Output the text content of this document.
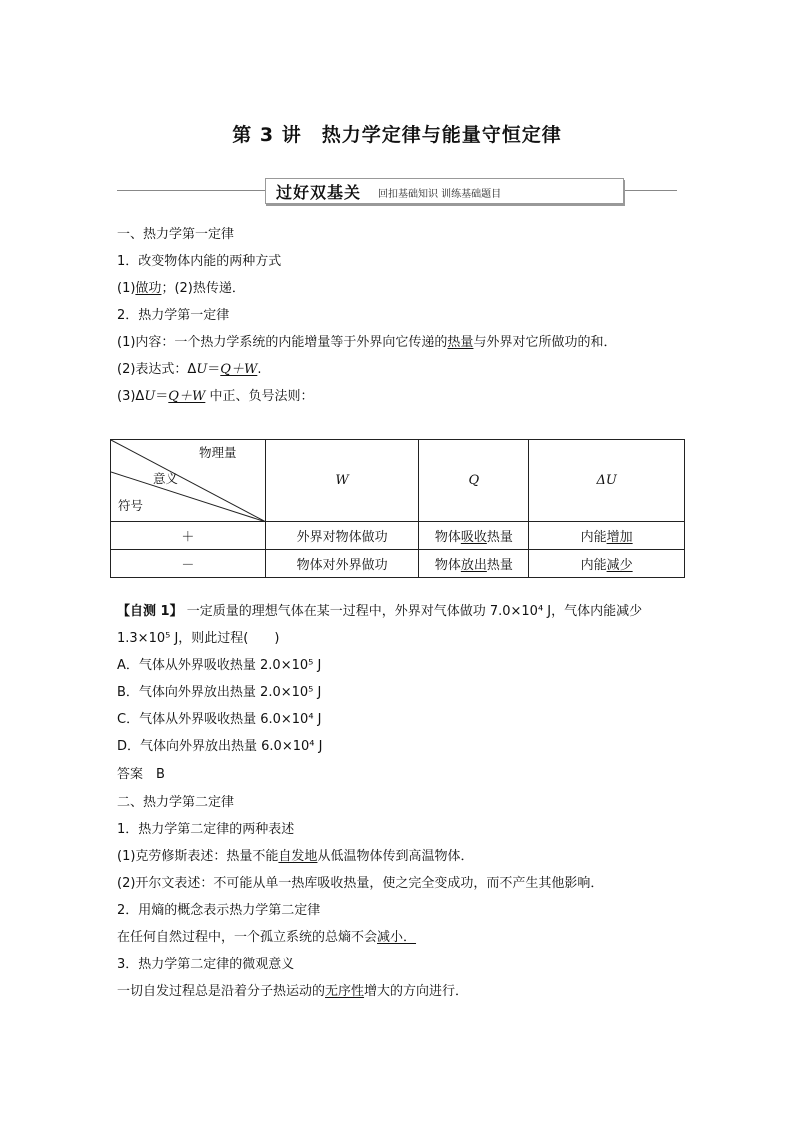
第 3 讲　热力学定律与能量守恒定律
过好双基关 回扣基础知识 训练基础题目
一、热力学第一定律
1．改变物体内能的两种方式
(1)做功；(2)热传递．
2．热力学第一定律
(1)内容：一个热力学系统的内能增量等于外界向它传递的热量与外界对它所做功的和．
(2)表达式：ΔU＝Q＋W.
(3)ΔU＝Q＋W 中正、负号法则：
物理量
意义
符号	W	Q	ΔU
＋	外界对物体做功	物体吸收热量	内能增加
－	物体对外界做功	物体放出热量	内能减少
【自测 1】 一定质量的理想气体在某一过程中，外界对气体做功 7.0×10⁴ J，气体内能减少
1.3×10⁵ J，则此过程(　　)
A．气体从外界吸收热量 2.0×10⁵ J
B．气体向外界放出热量 2.0×10⁵ J
C．气体从外界吸收热量 6.0×10⁴ J
D．气体向外界放出热量 6.0×10⁴ J
答案　B
二、热力学第二定律
1．热力学第二定律的两种表述
(1)克劳修斯表述：热量不能自发地从低温物体传到高温物体．
(2)开尔文表述：不可能从单一热库吸收热量，使之完全变成功，而不产生其他影响．
2．用熵的概念表示热力学第二定律
在任何自然过程中，一个孤立系统的总熵不会减小．
3．热力学第二定律的微观意义
一切自发过程总是沿着分子热运动的无序性增大的方向进行．
